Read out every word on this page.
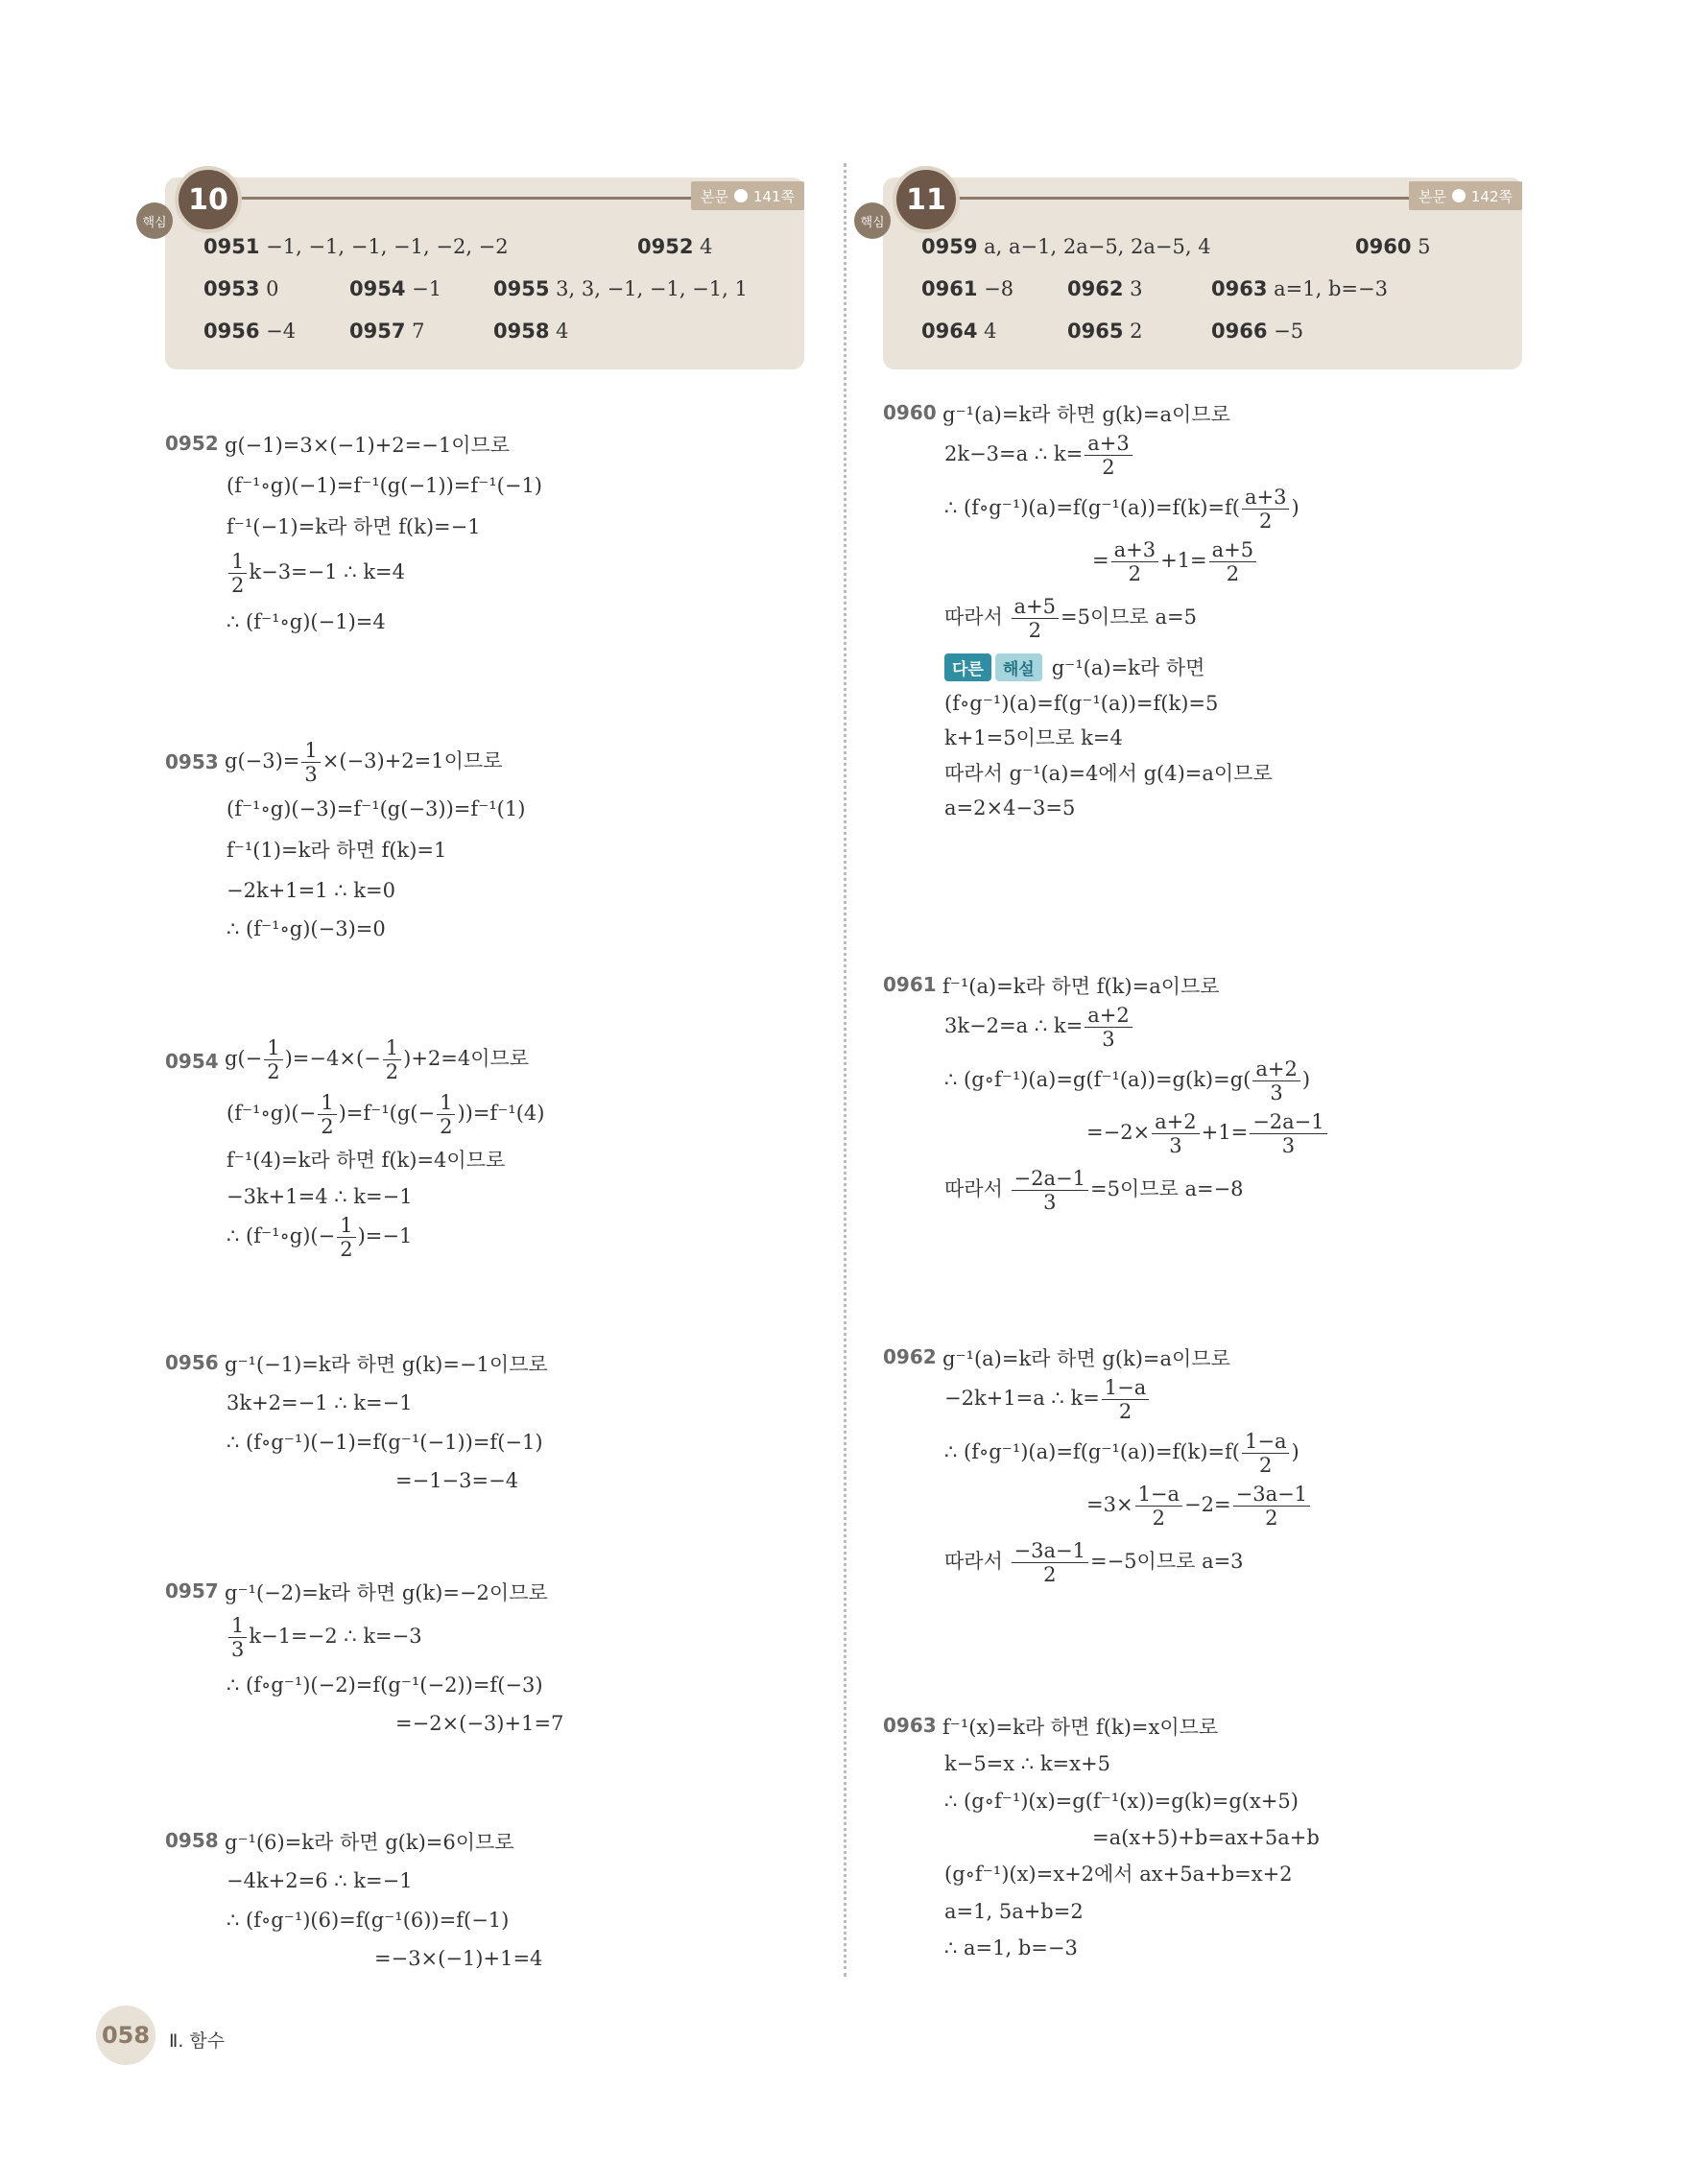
10
핵심
본문 141쪽
0951 −1, −1, −1, −1, −2, −2	0952 4
0953 0	0954 −1	0955 3, 3, −1, −1, −1, 1
0956 −4	0957 7	0958 4
11
핵심
본문 142쪽
0959 a, a−1, 2a−5, 2a−5, 4	0960 5
0961 −8	0962 3	0963 a=1, b=−3
0964 4	0965 2	0966 −5
0952 g(−1)=3×(−1)+2=−1이므로
(f⁻¹∘g)(−1)=f⁻¹(g(−1))=f⁻¹(−1)
f⁻¹(−1)=k라 하면 f(k)=−1
$\frac{1}{2} k-3=-1$ ∴ k=4
∴ (f⁻¹∘g)(−1)=4
0953 $g(-3)= \frac{1}{3} \times(-3)+2=1$이므로
(f⁻¹∘g)(−3)=f⁻¹(g(−3))=f⁻¹(1)
f⁻¹(1)=k라 하면 f(k)=1
−2k+1=1 ∴ k=0
∴ (f⁻¹∘g)(−3)=0
0954 $g(- \frac{1}{2} )=-4\times(- \frac{1}{2} )+2=4$이므로
(f⁻¹∘g)(− $\frac{1}{2} )=f^{-1}(g(- \frac{1}{2} ))=f^{-1}(4)$
f⁻¹(4)=k라 하면 f(k)=4이므로
−3k+1=4 ∴ k=−1
∴ (f⁻¹∘g)(− $\frac{1}{2} )=-1$
0956 g⁻¹(−1)=k라 하면 g(k)=−1이므로
3k+2=−1 ∴ k=−1
∴ (f∘g⁻¹)(−1)=f(g⁻¹(−1))=f(−1)
=−1−3=−4
0957 g⁻¹(−2)=k라 하면 g(k)=−2이므로
$\frac{1}{3} k-1=-2$ ∴ k=−3
∴ (f∘g⁻¹)(−2)=f(g⁻¹(−2))=f(−3)
=−2×(−3)+1=7
0958 g⁻¹(6)=k라 하면 g(k)=6이므로
−4k+2=6 ∴ k=−1
∴ (f∘g⁻¹)(6)=f(g⁻¹(6))=f(−1)
=−3×(−1)+1=4
0960 g⁻¹(a)=k라 하면 g(k)=a이므로
2k−3=a ∴ $k= \frac{a+3}{2}$
∴ (f∘g⁻¹)(a)=f(g⁻¹(a))=f(k)=f( $\frac{a+3}{2}$ )
= $\frac{a+3}{2} +1= \frac{a+5}{2}$
따라서 $\frac{a+5}{2} =5$이므로 a=5
다른 해설 g⁻¹(a)=k라 하면
(f∘g⁻¹)(a)=f(g⁻¹(a))=f(k)=5
k+1=5이므로 k=4
따라서 g⁻¹(a)=4에서 g(4)=a이므로
a=2×4−3=5
0961 f⁻¹(a)=k라 하면 f(k)=a이므로
3k−2=a ∴ $k= \frac{a+2}{3}$
∴ (g∘f⁻¹)(a)=g(f⁻¹(a))=g(k)=g( $\frac{a+2}{3}$ )
$=-2\times \frac{a+2}{3} +1= \frac{-2a-1}{3}$
따라서 $\frac{-2a-1}{3} =5$이므로 a=−8
0962 g⁻¹(a)=k라 하면 g(k)=a이므로
−2k+1=a ∴ $k= \frac{1-a}{2}$
∴ (f∘g⁻¹)(a)=f(g⁻¹(a))=f(k)=f( $\frac{1-a}{2}$ )
$=3\times \frac{1-a}{2} -2= \frac{-3a-1}{2}$
따라서 $\frac{-3a-1}{2} =-5$이므로 a=3
0963 f⁻¹(x)=k라 하면 f(k)=x이므로
k−5=x ∴ k=x+5
∴ (g∘f⁻¹)(x)=g(f⁻¹(x))=g(k)=g(x+5)
=a(x+5)+b=ax+5a+b
(g∘f⁻¹)(x)=x+2에서 ax+5a+b=x+2
a=1, 5a+b=2
∴ a=1, b=−3
058	Ⅱ. 함수
